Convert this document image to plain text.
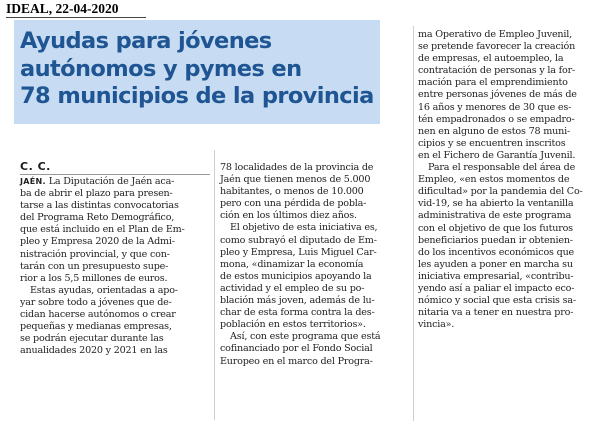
IDEAL, 22-04-2020
Ayudas para jóvenes
autónomos y pymes en
78 municipios de la provincia
C. C.
JAÉN. La Diputación de Jaén aca-
ba de abrir el plazo para presen-
tarse a las distintas convocatorias
del Programa Reto Demográfico,
que está incluido en el Plan de Em-
pleo y Empresa 2020 de la Admi-
nistración provincial, y que con-
tarán con un presupuesto supe-
rior a los 5,5 millones de euros.
Estas ayudas, orientadas a apo-
yar sobre todo a jóvenes que de-
cidan hacerse autónomos o crear
pequeñas y medianas empresas,
se podrán ejecutar durante las
anualidades 2020 y 2021 en las
78 localidades de la provincia de
Jaén que tienen menos de 5.000
habitantes, o menos de 10.000
pero con una pérdida de pobla-
ción en los últimos diez años.
El objetivo de esta iniciativa es,
como subrayó el diputado de Em-
pleo y Empresa, Luis Miguel Car-
mona, «dinamizar la economía
de estos municipios apoyando la
actividad y el empleo de su po-
blación más joven, además de lu-
char de esta forma contra la des-
población en estos territorios».
Así, con este programa que está
cofinanciado por el Fondo Social
Europeo en el marco del Progra-
ma Operativo de Empleo Juvenil,
se pretende favorecer la creación
de empresas, el autoempleo, la
contratación de personas y la for-
mación para el emprendimiento
entre personas jóvenes de más de
16 años y menores de 30 que es-
tén empadronados o se empadro-
nen en alguno de estos 78 muni-
cipios y se encuentren inscritos
en el Fichero de Garantía Juvenil.
Para el responsable del área de
Empleo, «en estos momentos de
dificultad» por la pandemia del Co-
vid-19, se ha abierto la ventanilla
administrativa de este programa
con el objetivo de que los futuros
beneficiarios puedan ir obtenien-
do los incentivos económicos que
les ayuden a poner en marcha su
iniciativa empresarial, «contribu-
yendo así a paliar el impacto eco-
nómico y social que esta crisis sa-
nitaria va a tener en nuestra pro-
vincia».
